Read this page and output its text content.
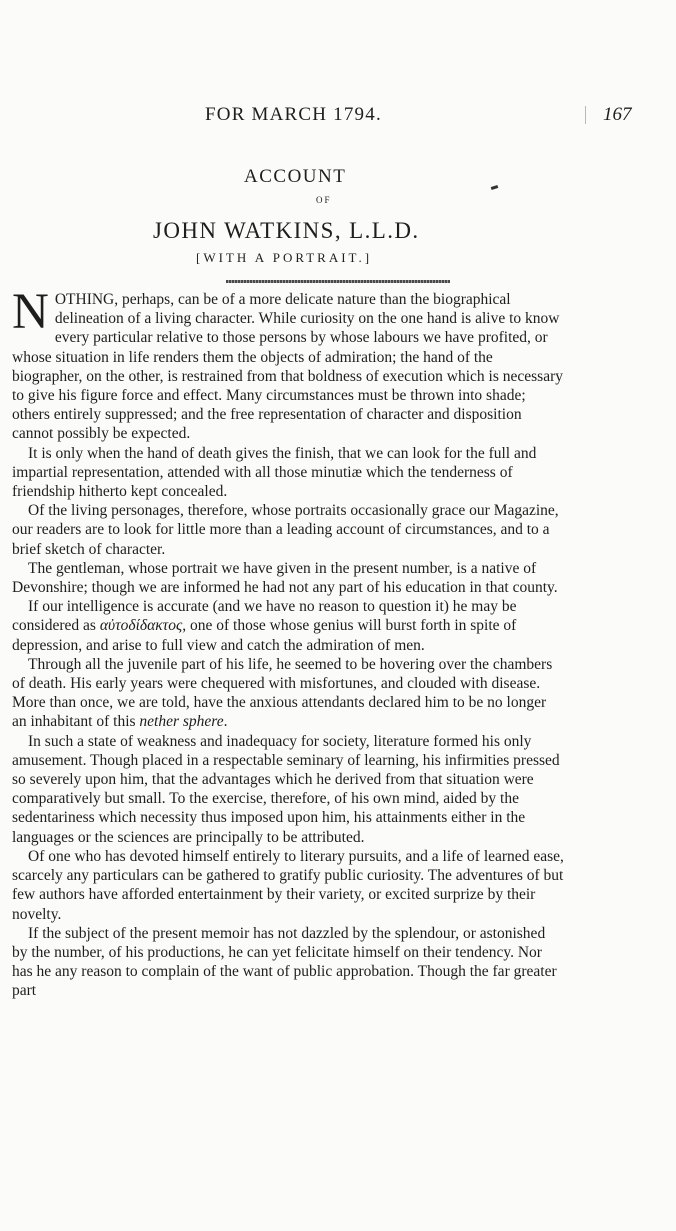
FOR MARCH 1794.	167
ACCOUNT
OF
JOHN WATKINS, L.L.D.
[WITH A PORTRAIT.]

NOTHING, perhaps, can be of a more delicate nature than the biographical delineation of a living character. While curiosity on the one hand is alive to know every particular relative to those persons by whose labours we have profited, or whose situation in life renders them the objects of admiration; the hand of the biographer, on the other, is restrained from that boldness of execution which is necessary to give his figure force and effect. Many circumstances must be thrown into shade; others entirely suppressed; and the free representation of character and disposition cannot possibly be expected.

It is only when the hand of death gives the finish, that we can look for the full and impartial representation, attended with all those minutiæ which the tenderness of friendship hitherto kept concealed.

Of the living personages, therefore, whose portraits occasionally grace our Magazine, our readers are to look for little more than a leading account of circumstances, and to a brief sketch of character.

The gentleman, whose portrait we have given in the present number, is a native of Devonshire; though we are informed he had not any part of his education in that county.

If our intelligence is accurate (and we have no reason to question it) he may be considered as αὐτοδίδακτος, one of those whose genius will burst forth in spite of depression, and arise to full view and catch the admiration of men.

Through all the juvenile part of his life, he seemed to be hovering over the chambers of death. His early years were chequered with misfortunes, and clouded with disease. More than once, we are told, have the anxious attendants declared him to be no longer an inhabitant of this nether sphere.

In such a state of weakness and inadequacy for society, literature formed his only amusement. Though placed in a respectable seminary of learning, his infirmities pressed so severely upon him, that the advantages which he derived from that situation were comparatively but small. To the exercise, therefore, of his own mind, aided by the sedentariness which necessity thus imposed upon him, his attainments either in the languages or the sciences are principally to be attributed.

Of one who has devoted himself entirely to literary pursuits, and a life of learned ease, scarcely any particulars can be gathered to gratify public curiosity. The adventures of but few authors have afforded entertainment by their variety, or excited surprize by their novelty.

If the subject of the present memoir has not dazzled by the splendour, or astonished by the number, of his productions, he can yet felicitate himself on their tendency. Nor has he any reason to complain of the want of public approbation. Though the far greater part
